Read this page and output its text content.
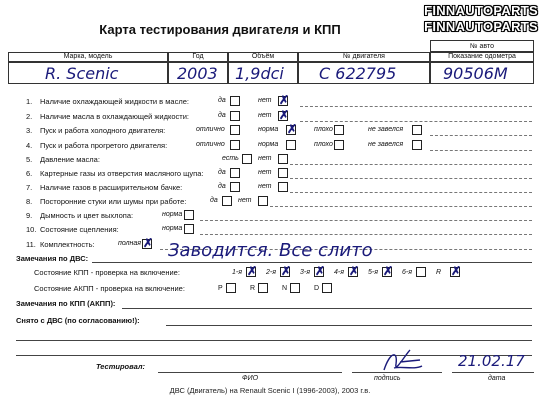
Карта тестирования двигателя и КПП
FINNAUTOPARTS
FINNAUTOPARTS
№ авто
Марка, модель	Год	Объём	№ двигателя	Показание одометра
R. Scenic	2003	1,9dci	C 622795	90506M
1. Наличие охлаждающей жидкости в масле:	да	нет ✗
2. Наличие масла в охлаждающей жидкости:	да	нет ✗
3. Пуск и работа холодного двигателя:	отлично	норма ✗ плохо	не завелся
4. Пуск и работа прогретого двигателя:	отлично	норма	плохо	не завелся
5. Давление масла:	есть	нет
6. Картерные газы из отверстия масляного щупа: да	нет
7. Наличие газов в расширительном бачке:	да	нет
8. Посторонние стуки или шумы при работе:	да	нет
9. Дымность и цвет выхлопа:	норма
10. Состояние сцепления:	норма
11. Комплектность:	полная ✗
Замечания по ДВС:	Заводится. Все слито
Состояние КПП - проверка на включение:	1-я ✗ 2-я ✗ 3-я ✗ 4-я ✗ 5-я ✗ 6-я	R ✗
Состояние АКПП - проверка на включение:	P	R	N	D
Замечания по КПП (АКПП):
Снято с ДВС (по согласованию!):
Тестировал:
ФИО	подпись	дата
21.02.17
ДВС (Двигатель) на Renault Scenic I (1996-2003), 2003 г.в.
